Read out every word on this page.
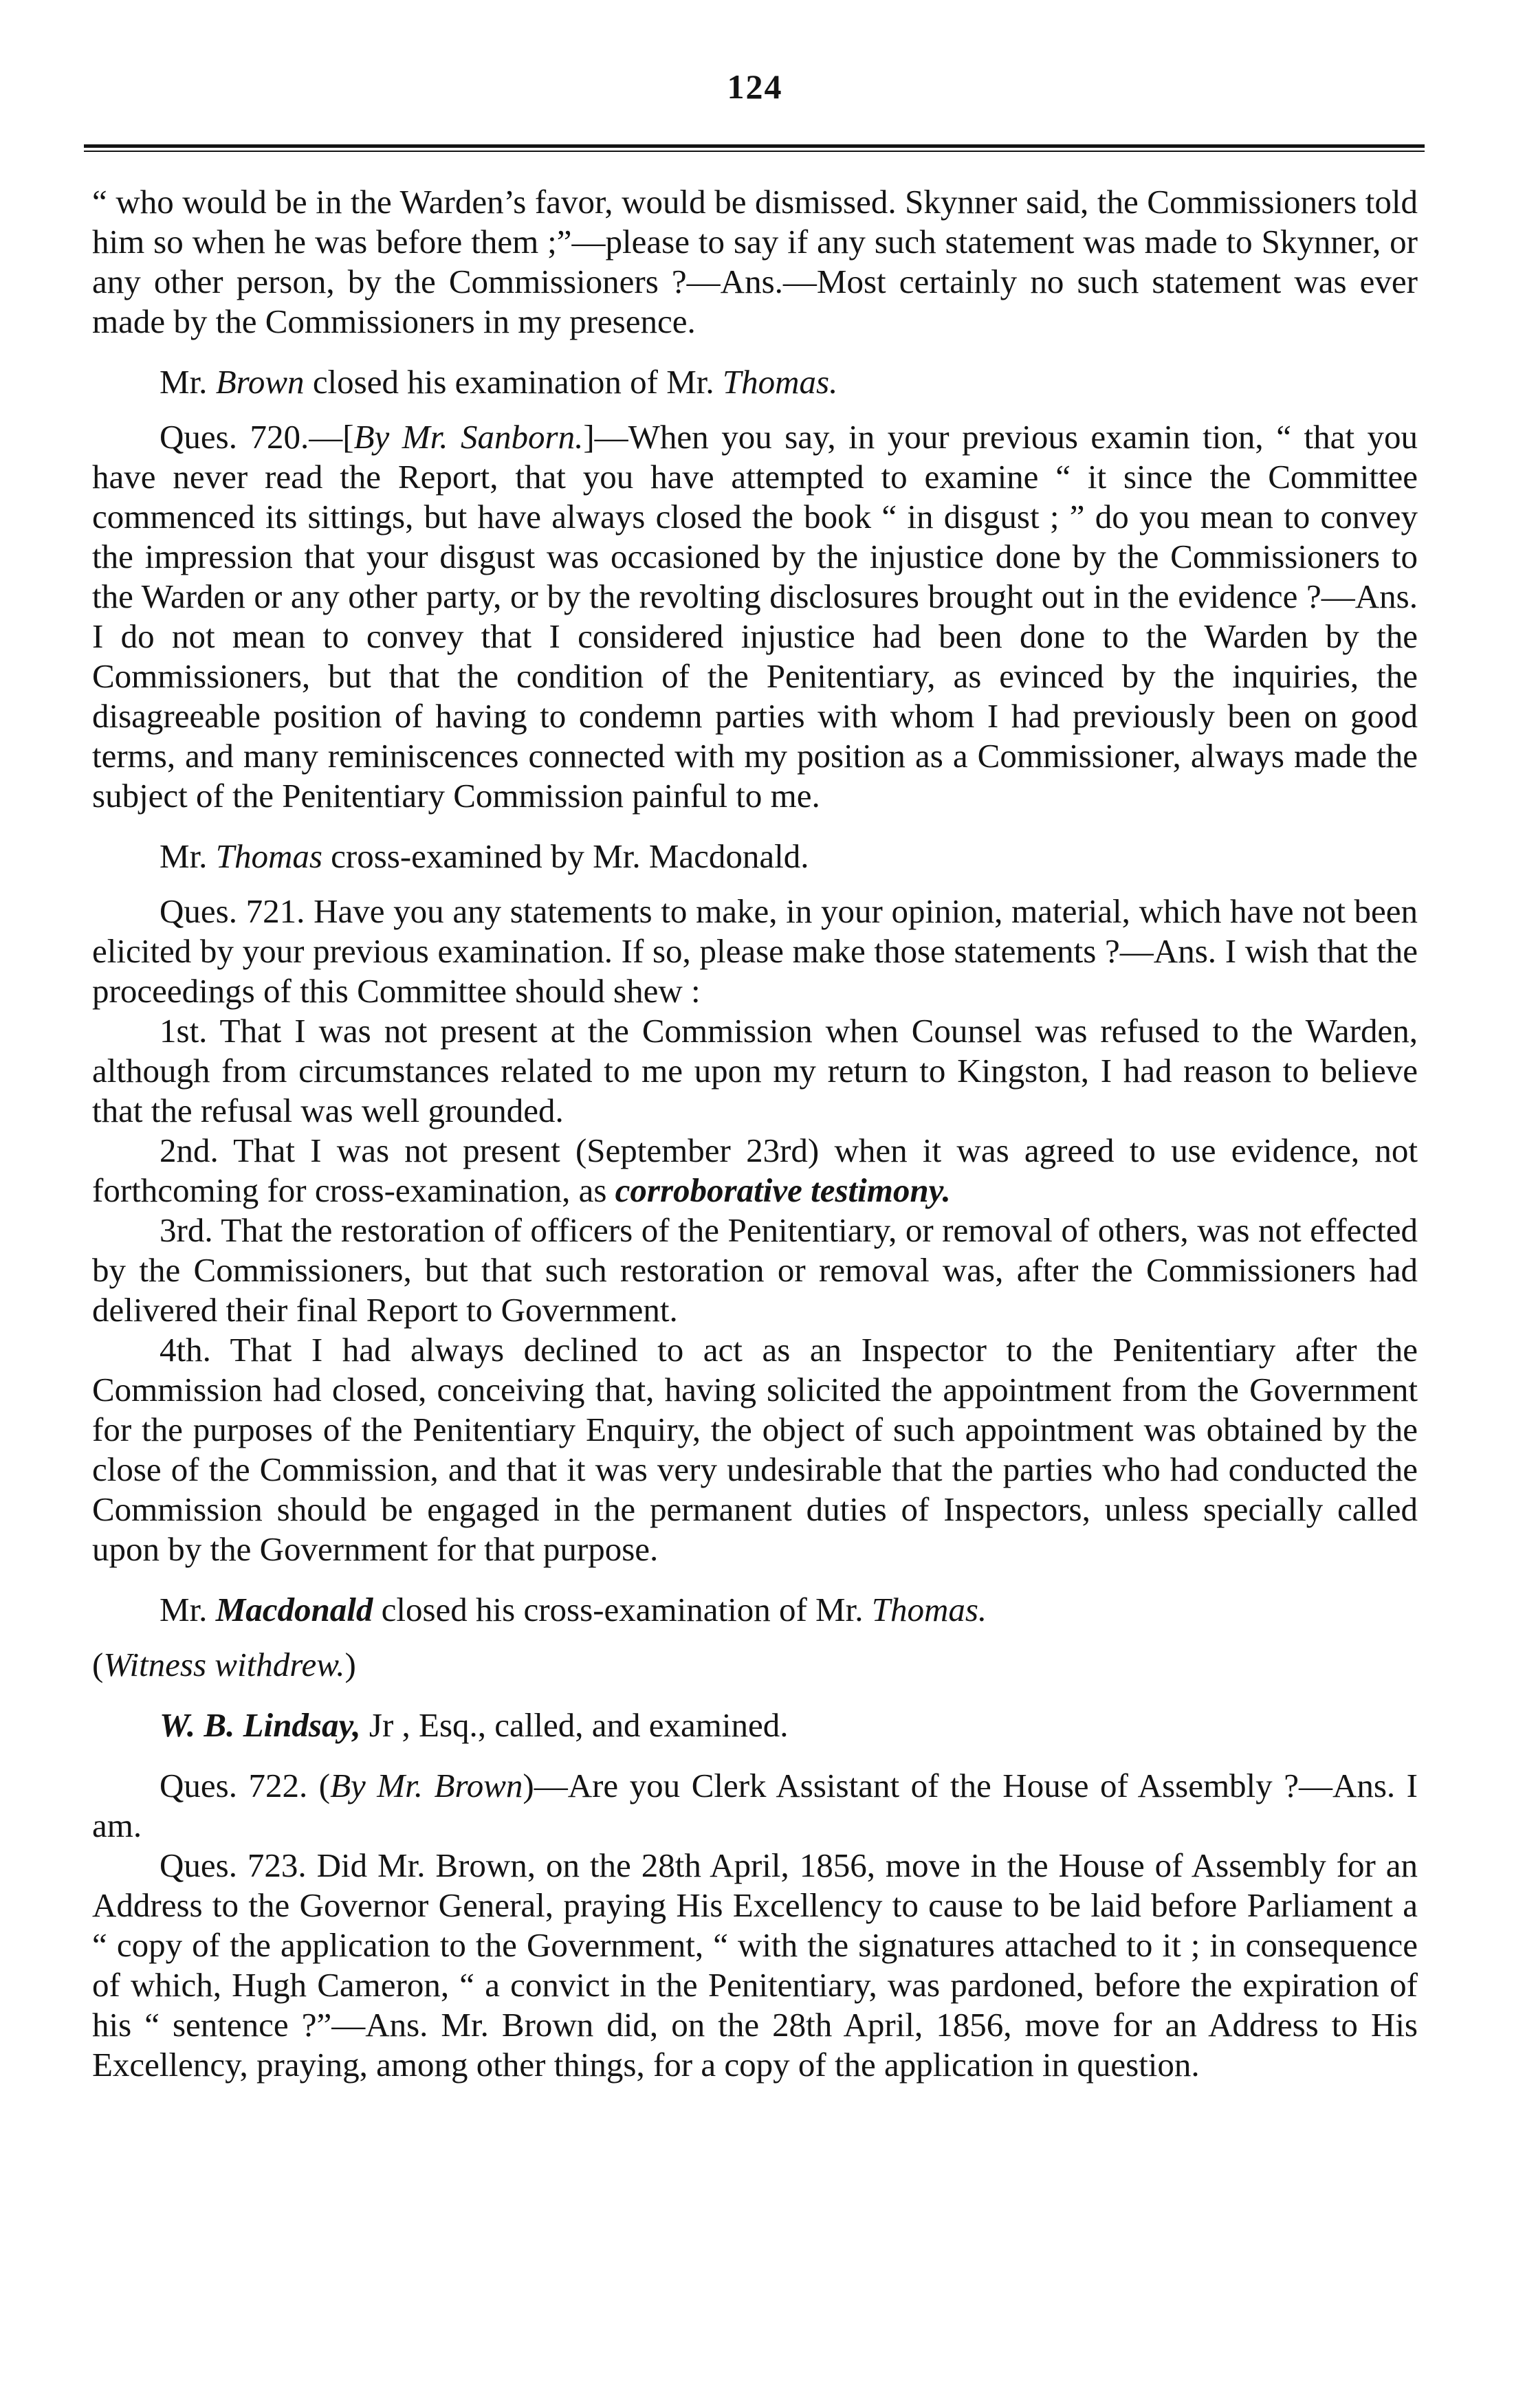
124

“ who would be in the Warden’s favor, would be dismissed. Skynner said, the Commissioners told him so when he was before them ;”—please to say if any such statement was made to Skynner, or any other person, by the Commissioners ?—Ans.—Most certainly no such statement was ever made by the Commissioners in my presence.

Mr. Brown closed his examination of Mr. Thomas.

Ques. 720.—[By Mr. Sanborn.]—When you say, in your previous examin tion, “ that you have never read the Report, that you have attempted to examine “ it since the Committee commenced its sittings, but have always closed the book “ in disgust ; ” do you mean to convey the impression that your disgust was occasioned by the injustice done by the Commissioners to the Warden or any other party, or by the revolting disclosures brought out in the evidence ?—Ans. I do not mean to convey that I considered injustice had been done to the Warden by the Commissioners, but that the condition of the Penitentiary, as evinced by the inquiries, the disagreeable position of having to condemn parties with whom I had previously been on good terms, and many reminiscences connected with my position as a Commissioner, always made the subject of the Penitentiary Commission painful to me.

Mr. Thomas cross-examined by Mr. Macdonald.

Ques. 721. Have you any statements to make, in your opinion, material, which have not been elicited by your previous examination. If so, please make those statements ?—Ans. I wish that the proceedings of this Committee should shew :

1st. That I was not present at the Commission when Counsel was refused to the Warden, although from circumstances related to me upon my return to Kingston, I had reason to believe that the refusal was well grounded.

2nd. That I was not present (September 23rd) when it was agreed to use evidence, not forthcoming for cross-examination, as corroborative testimony.

3rd. That the restoration of officers of the Penitentiary, or removal of others, was not effected by the Commissioners, but that such restoration or removal was, after the Commissioners had delivered their final Report to Government.

4th. That I had always declined to act as an Inspector to the Penitentiary after the Commission had closed, conceiving that, having solicited the appointment from the Government for the purposes of the Penitentiary Enquiry, the object of such appointment was obtained by the close of the Commission, and that it was very undesirable that the parties who had conducted the Commission should be engaged in the permanent duties of Inspectors, unless specially called upon by the Government for that purpose.

Mr. Macdonald closed his cross-examination of Mr. Thomas.

(Witness withdrew.)

W. B. Lindsay, Jr , Esq., called, and examined.

Ques. 722. (By Mr. Brown)—Are you Clerk Assistant of the House of Assembly ?—Ans. I am.

Ques. 723. Did Mr. Brown, on the 28th April, 1856, move in the House of Assembly for an Address to the Governor General, praying His Excellency to cause to be laid before Parliament a “ copy of the application to the Government, “ with the signatures attached to it ; in consequence of which, Hugh Cameron, “ a convict in the Penitentiary, was pardoned, before the expiration of his “ sentence ?”—Ans. Mr. Brown did, on the 28th April, 1856, move for an Address to His Excellency, praying, among other things, for a copy of the application in question.
